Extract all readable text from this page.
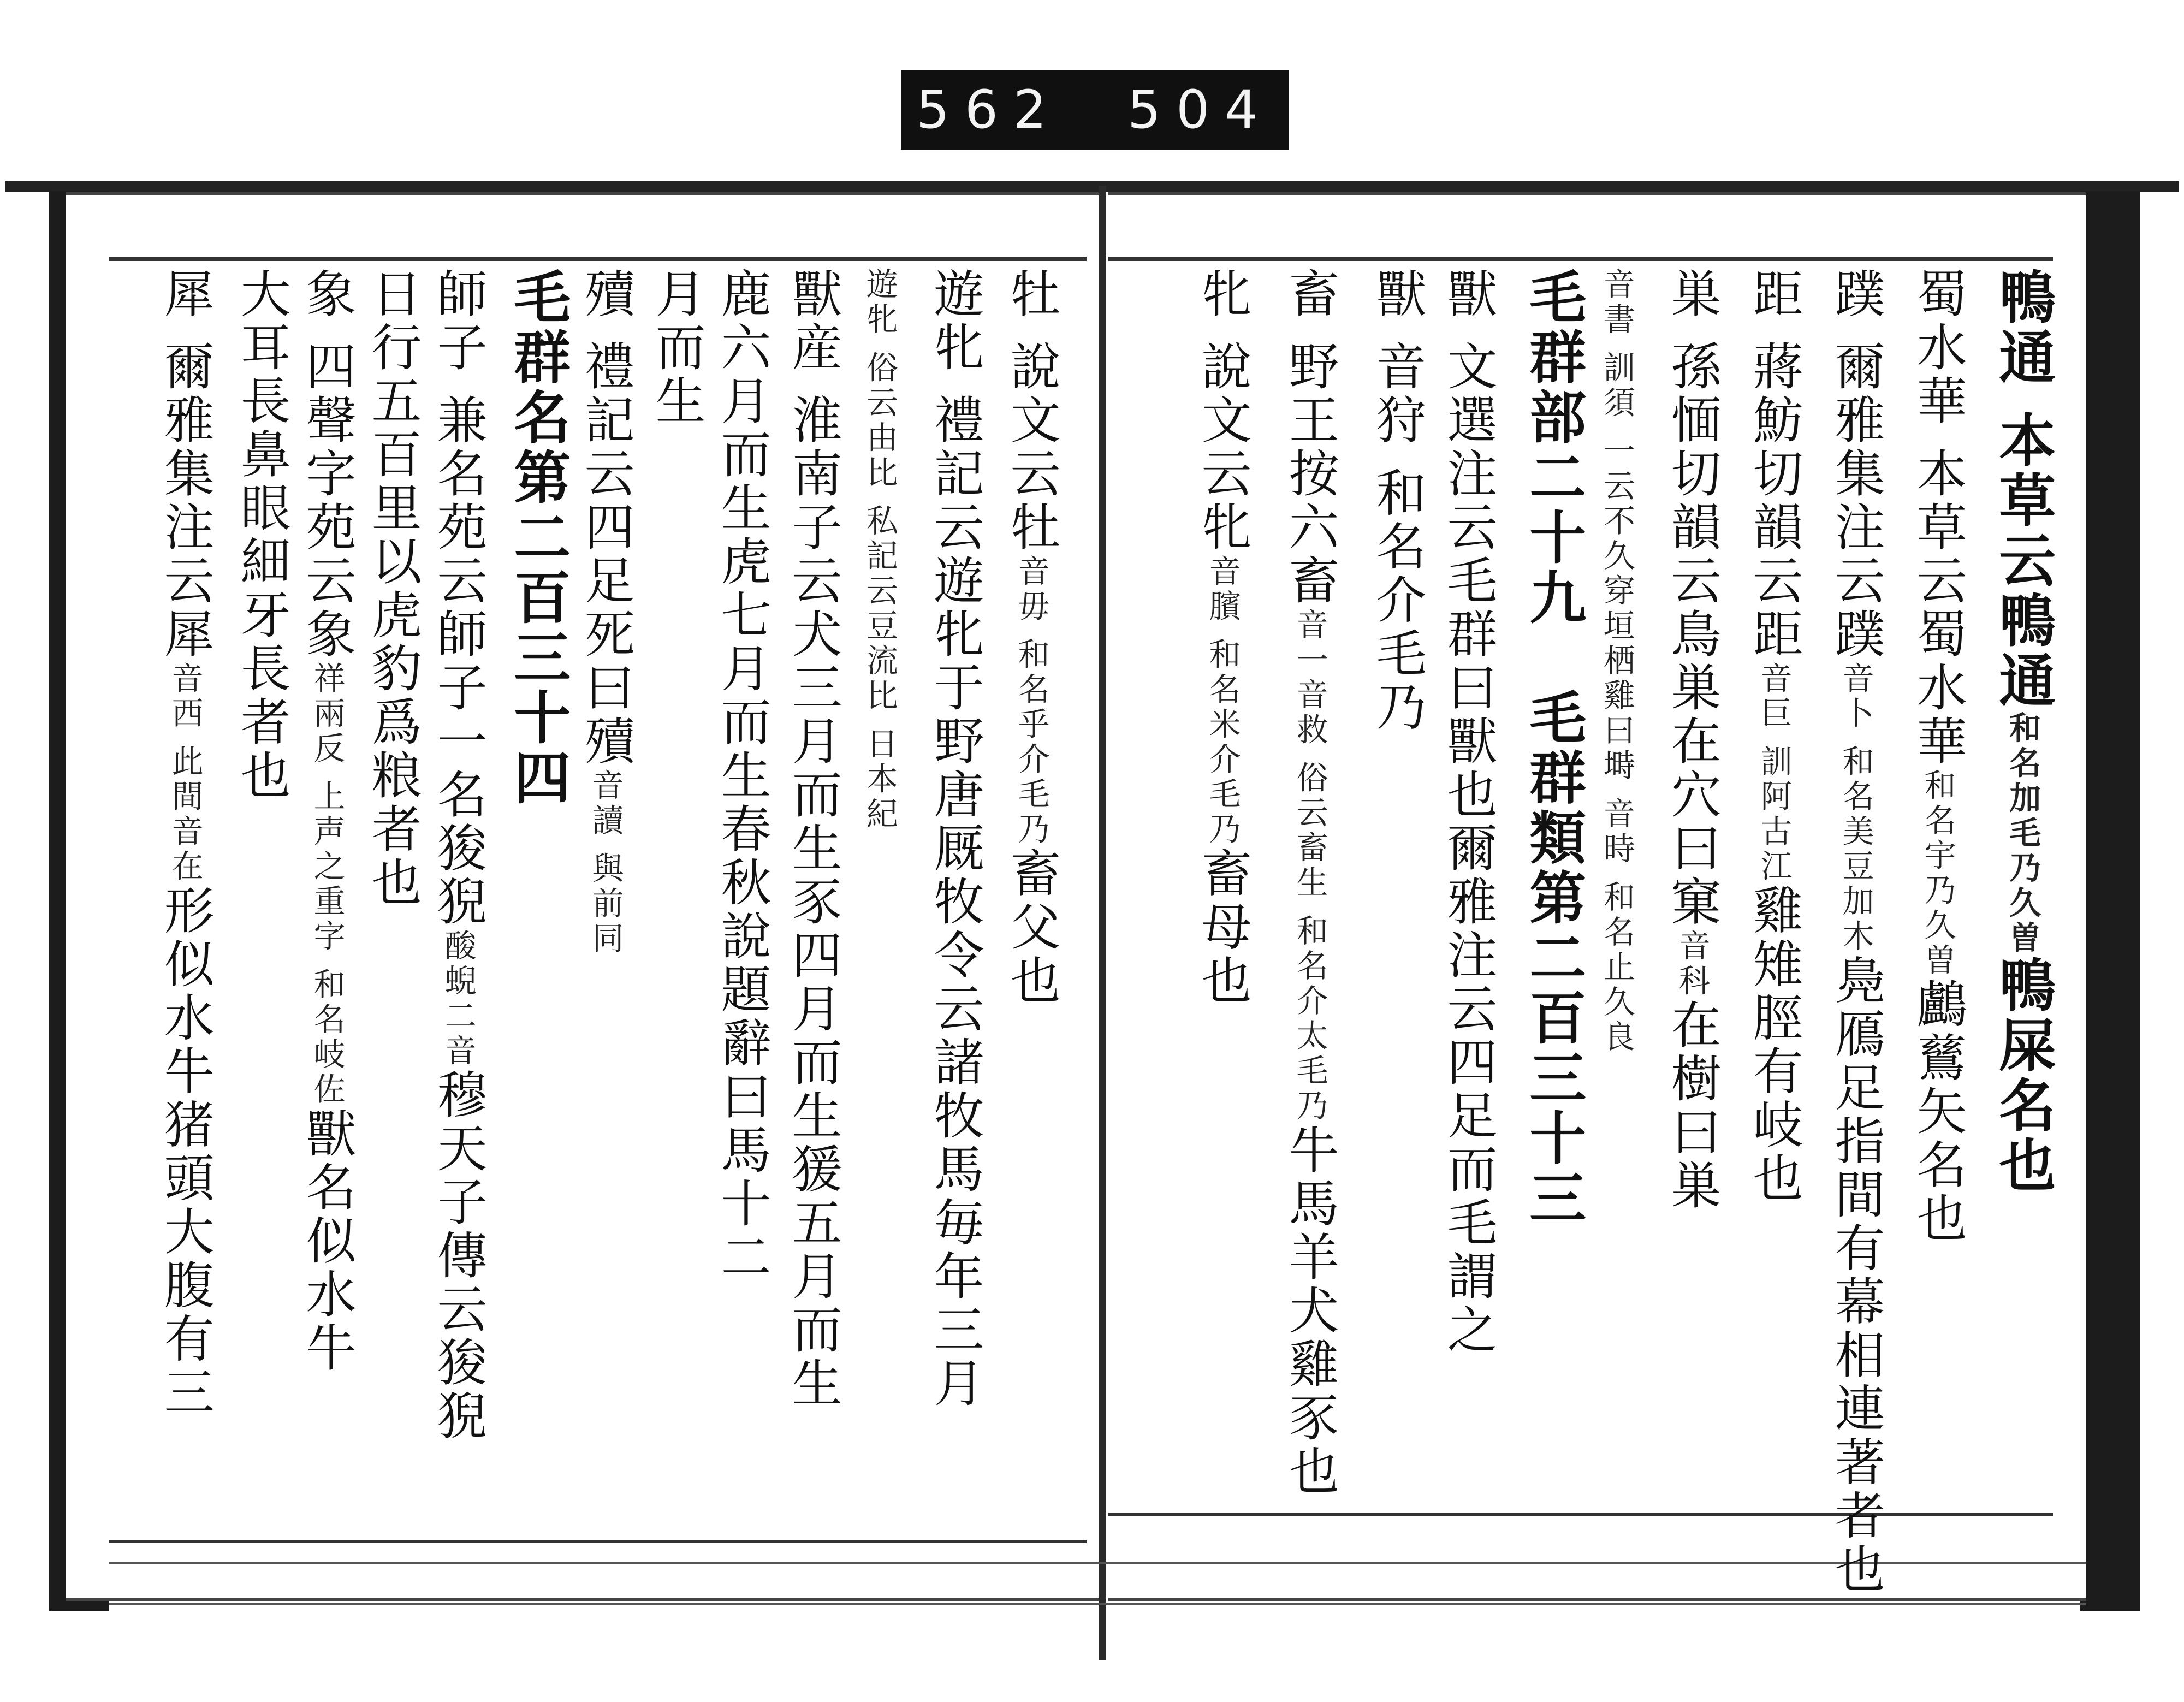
562 504
鴨通 本草云鴨通和名加毛乃久曽鴨屎名也
蜀水華 本草云蜀水華和名宇乃久曽鸕鶿矢名也
蹼 爾雅集注云蹼音卜 和名美豆加木鳧鴈足指間有幕相連著者也
距 蔣魴切韻云距音巨 訓阿古江雞雉脛有岐也
巣 孫愐切韻云鳥巣在穴曰窠音科在樹曰巣
音書 訓須 一云不久穿垣栖雞曰塒 音時 和名止久良
毛群部二十九　毛群類第二百三十三
獸 文選注云毛群曰獸也爾雅注云四足而毛謂之
獸 音狩 和名介毛乃
畜 野王按六畜音一音救 俗云畜生 和名介太毛乃牛馬羊犬雞豕也
牝 說文云牝音臏 和名米介毛乃畜母也
牡 說文云牡音毋 和名乎介毛乃畜父也
遊牝 禮記云遊牝于野唐厩牧令云諸牧馬毎年三月
遊牝 俗云由比 私記云豆流比 日本紀
獸産 淮南子云犬三月而生豕四月而生猨五月而生
鹿六月而生虎七月而生春秋說題辭曰馬十二
月而生
殰 禮記云四足死曰殰音讀 與前同
毛群名第二百三十四
師子 兼名苑云師子一名狻猊酸蜺二音穆天子傳云狻猊
日行五百里以虎豹爲粮者也
象 四聲字苑云象祥兩反 上声之重字 和名岐佐獸名似水牛
大耳長鼻眼細牙長者也
犀 爾雅集注云犀音西 此間音在形似水牛猪頭大腹有三
